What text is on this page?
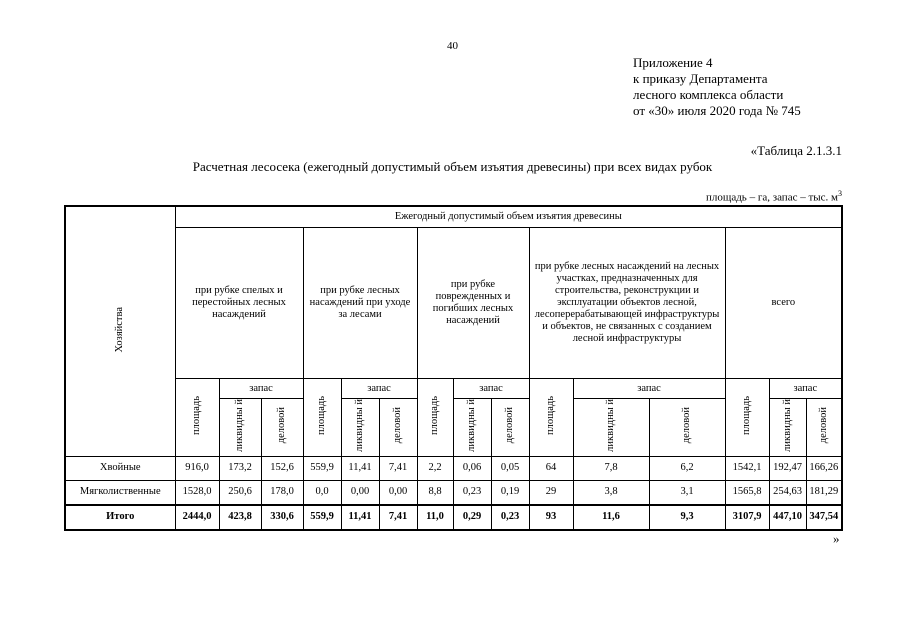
40
Приложение 4
к приказу Департамента
лесного комплекса области
от «30» июля 2020 года № 745
«Таблица 2.1.3.1
Расчетная лесосека (ежегодный допустимый объем изъятия древесины) при всех видах рубок
площадь – га, запас – тыс. $м^3$
Хозяйства	Ежегодный допустимый объем изъятия древесины														
	при рубке спелых и перестойных лесных насаждений			при рубке лесных насаждений при уходе за лесами			при рубке поврежденных и погибших лесных насаждений			при рубке лесных насаждений на лесных участках, предназначенных для строительства, реконструкции и эксплуатации объектов лесной, лесоперерабатывающей инфраструктуры и объектов, не связанных с созданием лесной инфраструктуры			всего		
	площадь	запас		площадь	запас		площадь	запас		площадь	запас		площадь	запас	
		ликвидны й	деловой		ликвидны й	деловой		ликвидны й	деловой		ликвидны й	деловой		ликвидны й	деловой
Хвойные	916,0	173,2	152,6	559,9	11,41	7,41	2,2	0,06	0,05	64	7,8	6,2	1542,1	192,47	166,26
Мягколиственные	1528,0	250,6	178,0	0,0	0,00	0,00	8,8	0,23	0,19	29	3,8	3,1	1565,8	254,63	181,29
Итого	2444,0	423,8	330,6	559,9	11,41	7,41	11,0	0,29	0,23	93	11,6	9,3	3107,9	447,10	347,54
»
